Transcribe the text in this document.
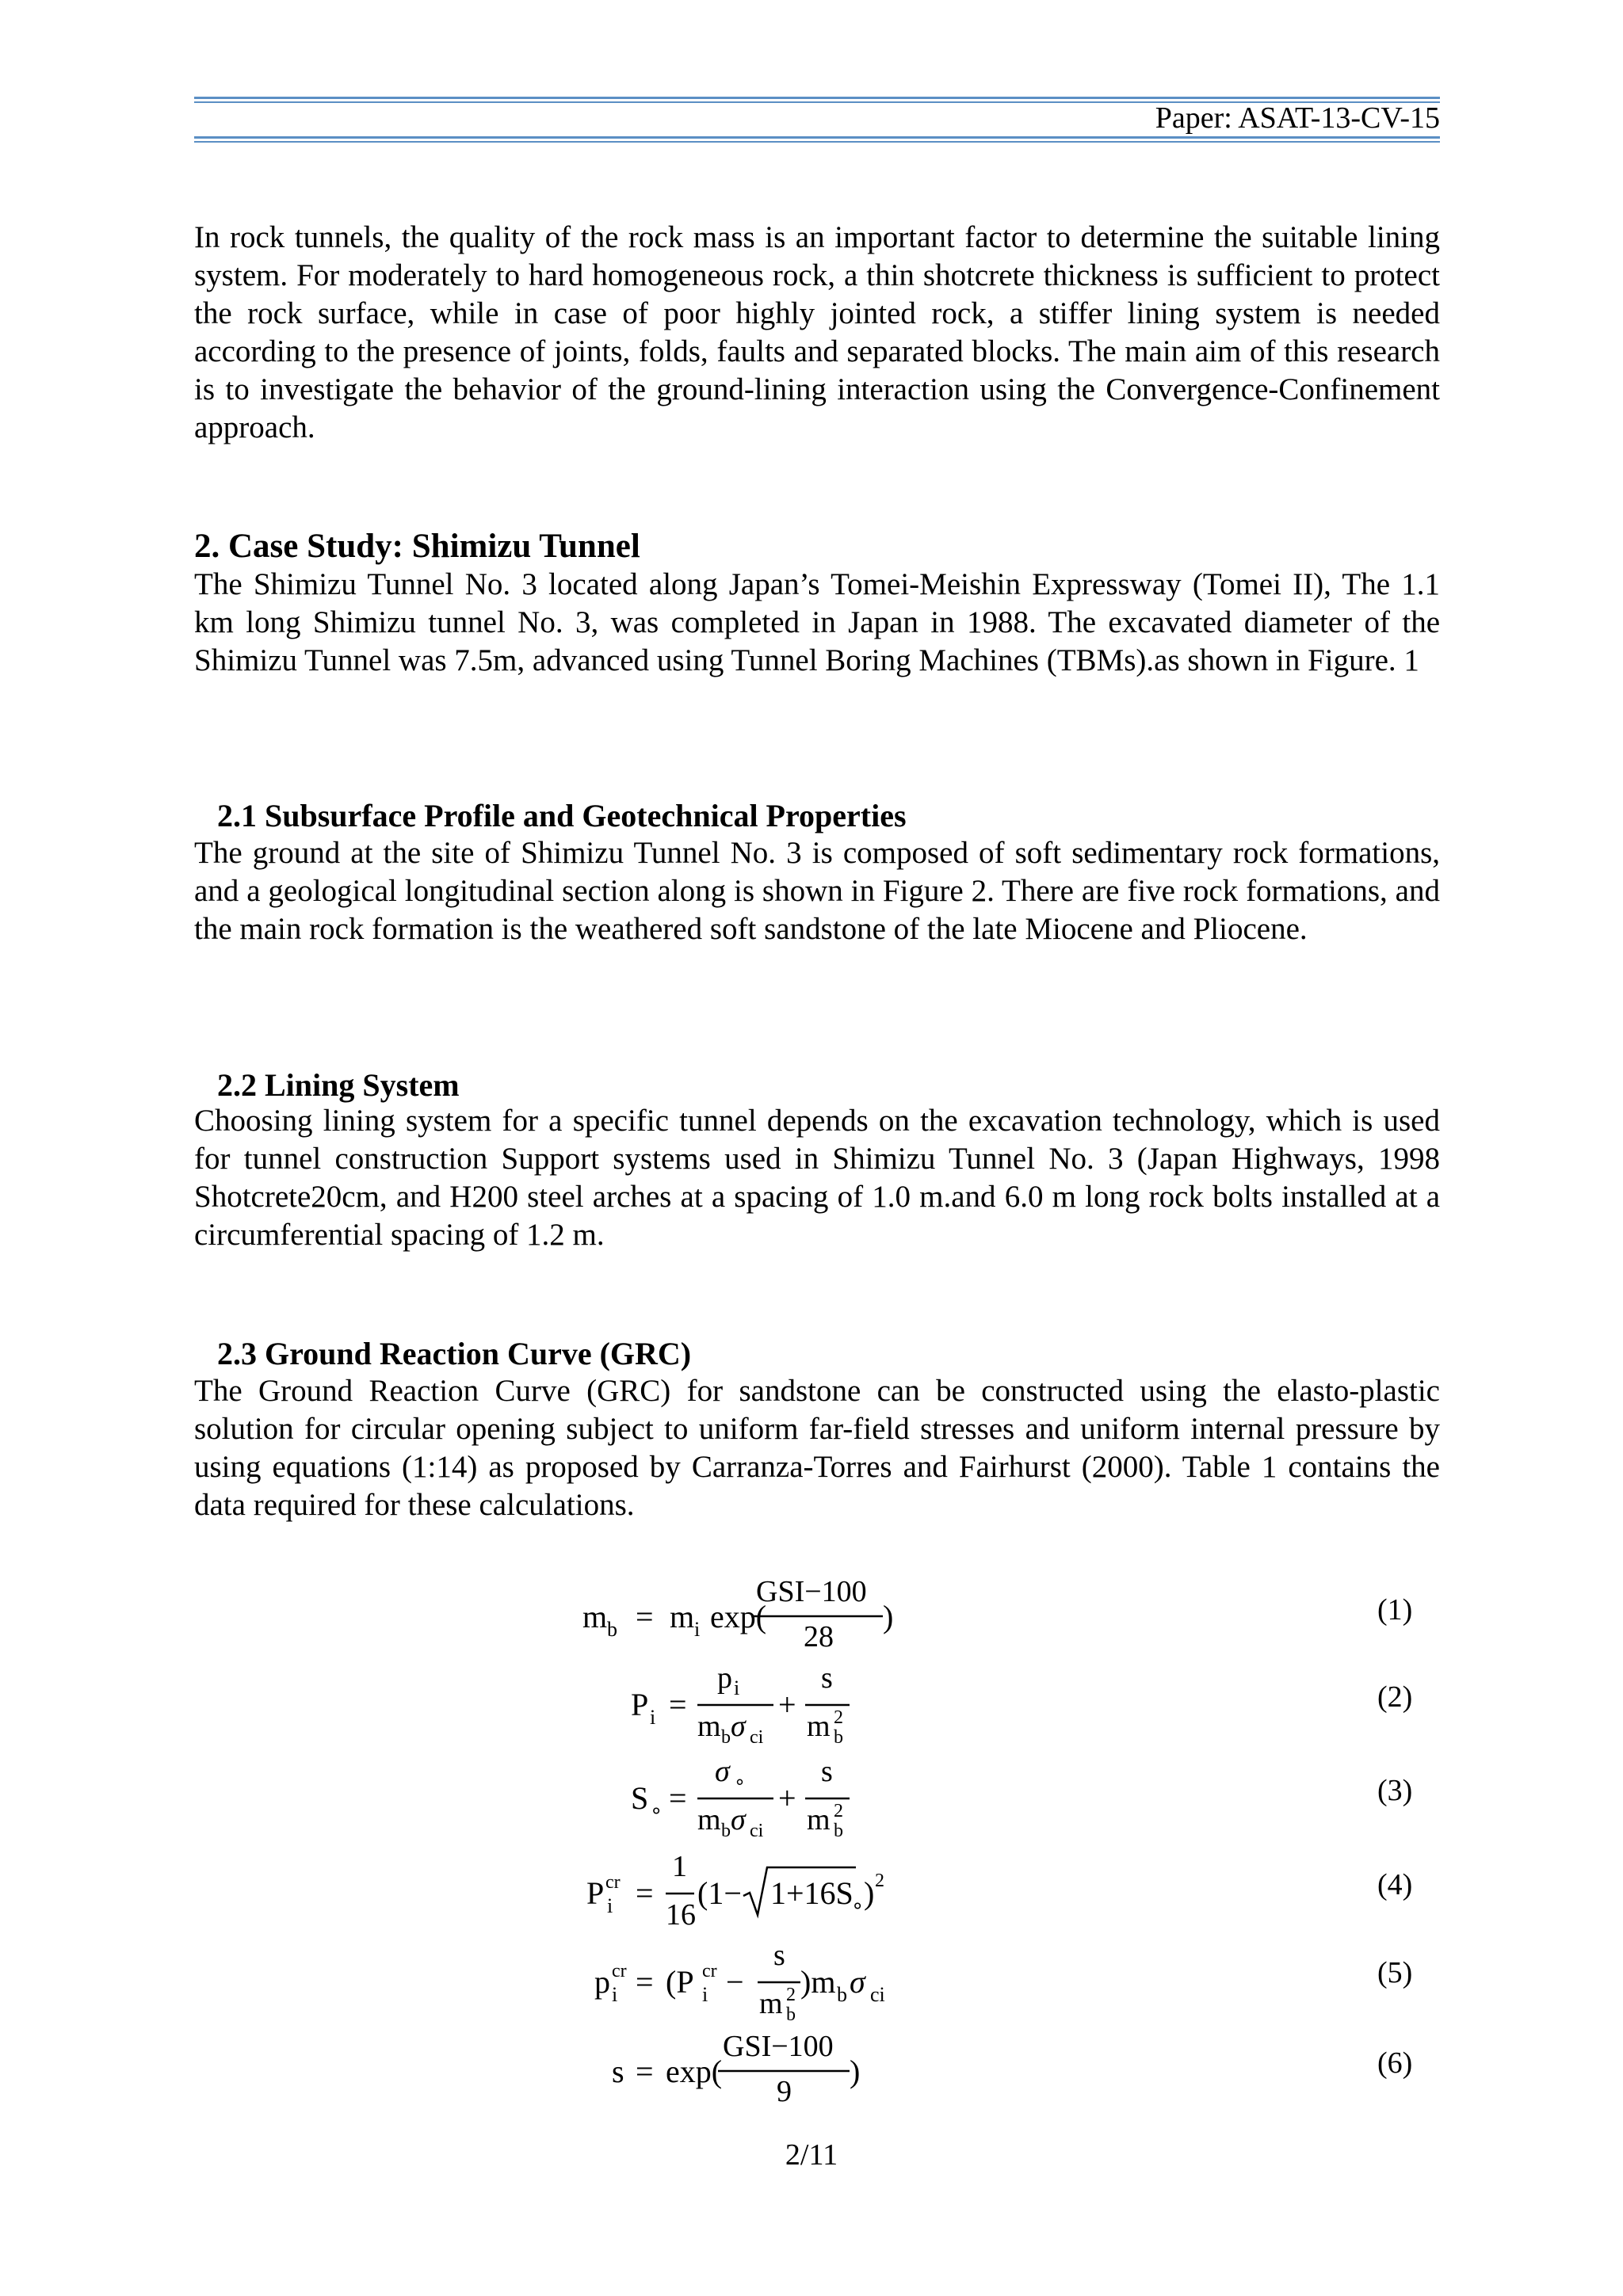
Paper: ASAT-13-CV-15

In rock tunnels, the quality of the rock mass is an important factor to determine the suitable lining system. For moderately to hard homogeneous rock, a thin shotcrete thickness is sufficient to protect the rock surface, while in case of poor highly jointed rock, a stiffer lining system is needed according to the presence of joints, folds, faults and separated blocks. The main aim of this research is to investigate the behavior of the ground-lining interaction using the Convergence-Confinement approach.

2. Case Study: Shimizu Tunnel

The Shimizu Tunnel No. 3 located along Japan’s Tomei-Meishin Expressway (Tomei II), The 1.1 km long Shimizu tunnel No. 3, was completed in Japan in 1988. The excavated diameter of the Shimizu Tunnel was 7.5m, advanced using Tunnel Boring Machines (TBMs).as shown in Figure. 1

2.1 Subsurface Profile and Geotechnical Properties

The ground at the site of Shimizu Tunnel No. 3 is composed of soft sedimentary rock formations, and a geological longitudinal section along is shown in Figure 2. There are five rock formations, and the main rock formation is the weathered soft sandstone of the late Miocene and Pliocene.

2.2 Lining System

Choosing lining system for a specific tunnel depends on the excavation technology, which is used for tunnel construction Support systems used in Shimizu Tunnel No. 3 (Japan Highways, 1998 Shotcrete20cm, and H200 steel arches at a spacing of 1.0 m.and 6.0 m long rock bolts installed at a circumferential spacing of 1.2 m.

2.3 Ground Reaction Curve (GRC)

The Ground Reaction Curve (GRC) for sandstone can be constructed using the elasto-plastic solution for circular opening subject to uniform far-field stresses and uniform internal pressure by using equations (1:14) as proposed by Carranza-Torres and Fairhurst (2000). Table 1 contains the data required for these calculations.

m b = m i exp(
GSI−100
28
)
P i =
p i
m b σ ci
+
s
m 2
b
S ∘ =
σ ∘
m b σ ci
+
s
m 2
b
P cr
i =
1
16
(1− 1+16S
∘ ) 2
p cr
i = (P cr
i −
s
m 2
b
)m b σ ci
s = exp(
GSI−100
9
)
(1)
(2)
(3)
(4)
(5)
(6)
2/11
